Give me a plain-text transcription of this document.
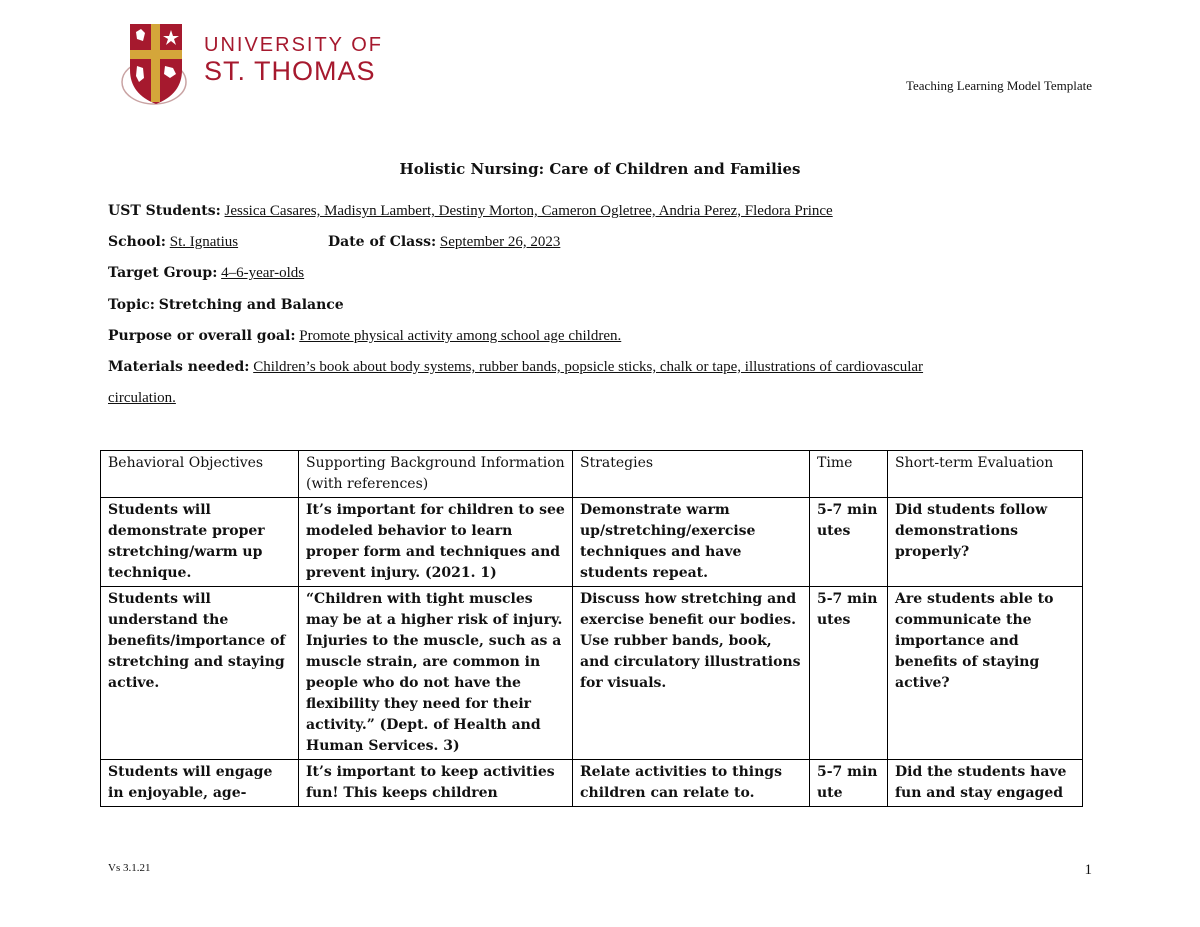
UNIVERSITY OF
ST. THOMAS	Teaching Learning Model Template
Holistic Nursing: Care of Children and Families
UST Students: Jessica Casares, Madisyn Lambert, Destiny Morton, Cameron Ogletree, Andria Perez, Fledora Prince
School: St. Ignatius	Date of Class: September 26, 2023
Target Group: 4–6-year-olds
Topic: Stretching and Balance
Purpose or overall goal: Promote physical activity among school age children.
Materials needed: Children’s book about body systems, rubber bands, popsicle sticks, chalk or tape, illustrations of cardiovascular
circulation.
Behavioral Objectives	Supporting Background Information (with references)	Strategies	Time	Short-term Evaluation
Students will demonstrate proper stretching/warm up technique.	It’s important for children to see modeled behavior to learn proper form and techniques and prevent injury. (2021. 1)	Demonstrate warm up/stretching/exercise techniques and have students repeat.	5-7 minutes	Did students follow demonstrations properly?
Students will understand the benefits/importance of stretching and staying active.	“Children with tight muscles may be at a higher risk of injury. Injuries to the muscle, such as a muscle strain, are common in people who do not have the flexibility they need for their activity.” (Dept. of Health and Human Services. 3)	Discuss how stretching and exercise benefit our bodies. Use rubber bands, book, and circulatory illustrations for visuals.	5-7 minutes	Are students able to communicate the importance and benefits of staying active?
Students will engage in enjoyable, age-	It’s important to keep activities fun! This keeps children	Relate activities to things children can relate to.	5-7 minute	Did the students have fun and stay engaged
Vs 3.1.21	1
